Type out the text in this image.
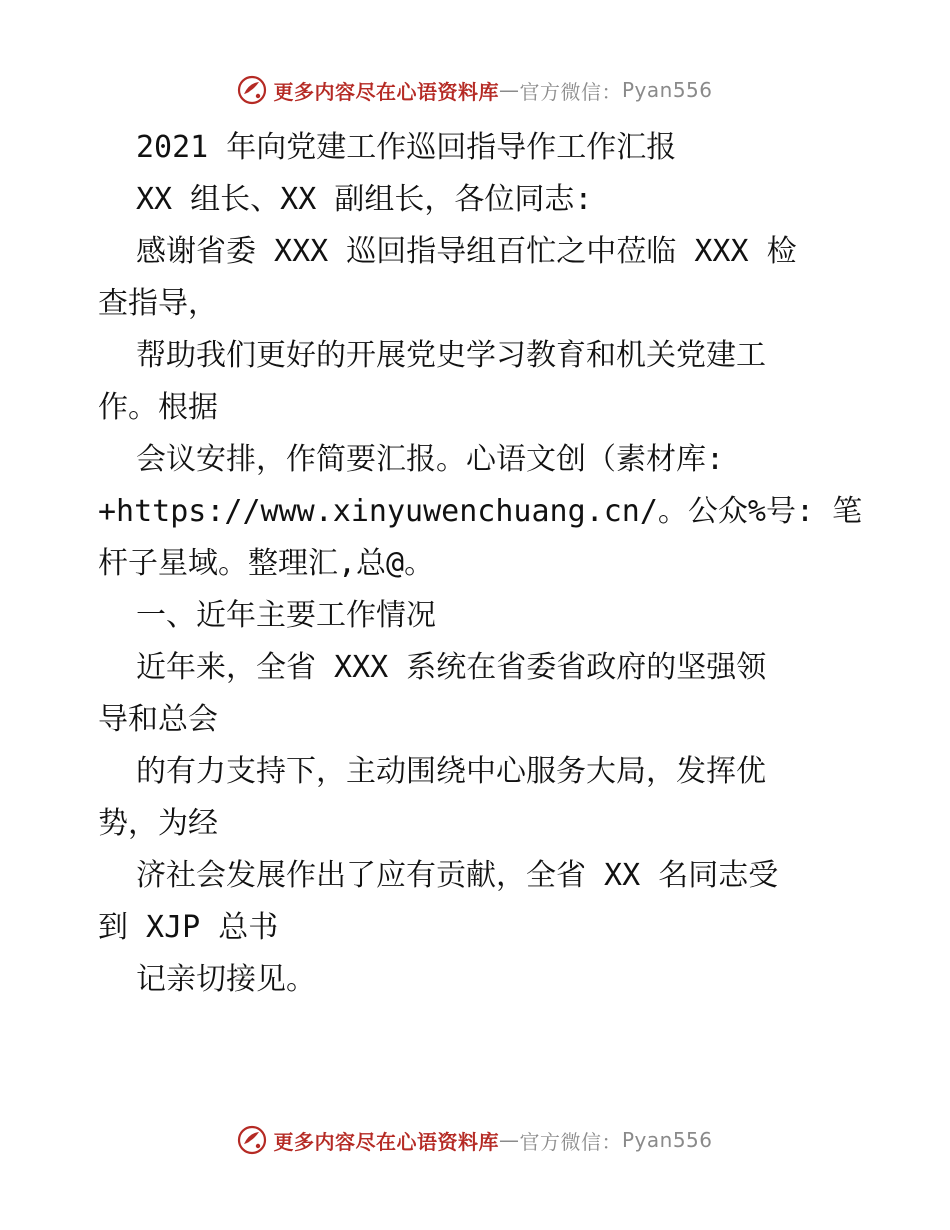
更多内容尽在心语资料库 — 官方微信： Pyan556
2021 年向党建工作巡回指导作工作汇报
XX 组长、XX 副组长，各位同志:
感谢省委 XXX 巡回指导组百忙之中莅临 XXX 检
查指导，
帮助我们更好的开展党史学习教育和机关党建工
作。根据
会议安排，作简要汇报。心语文创（素材库:
+https://www.xinyuwenchuang.cn/。公众%号: 笔
杆子星域。整理汇,总@。
一、近年主要工作情况
近年来，全省 XXX 系统在省委省政府的坚强领
导和总会
的有力支持下，主动围绕中心服务大局，发挥优
势，为经
济社会发展作出了应有贡献，全省 XX 名同志受
到 XJP 总书
记亲切接见。
更多内容尽在心语资料库 — 官方微信： Pyan556
